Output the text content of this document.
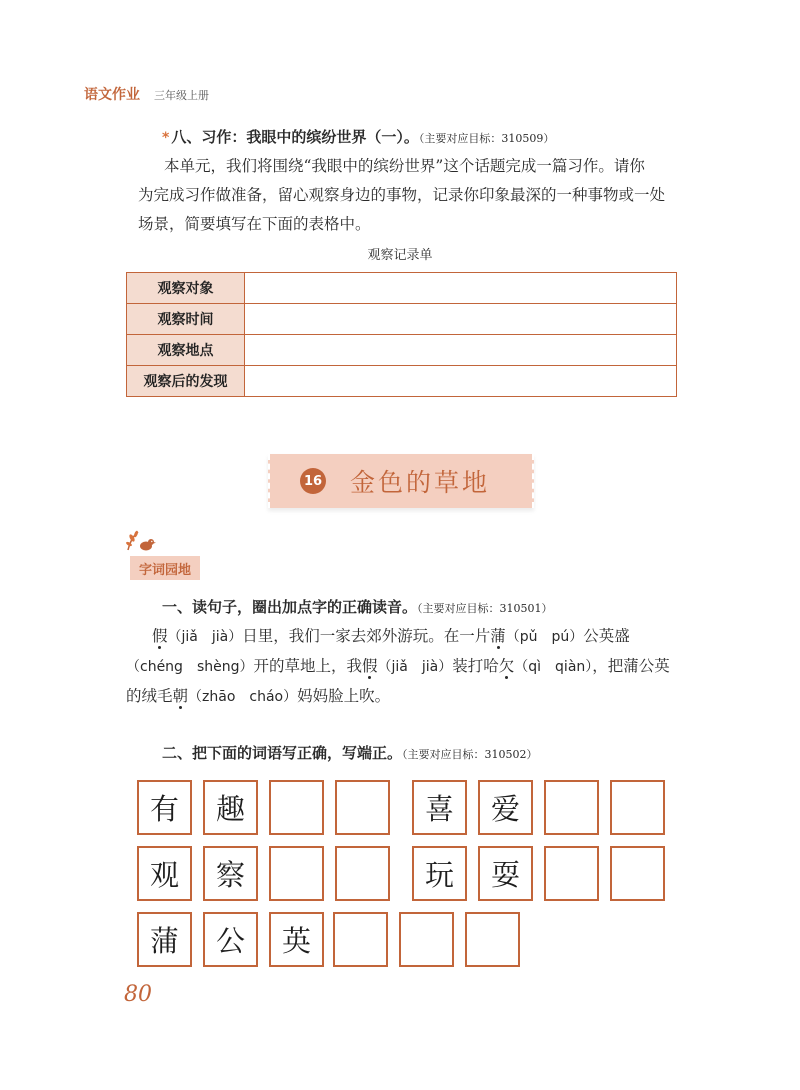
语文作业 三年级上册
* 八、习作：我眼中的缤纷世界（一）。（主要对应目标：310509）
本单元，我们将围绕“我眼中的缤纷世界”这个话题完成一篇习作。请你
为完成习作做准备，留心观察身边的事物，记录你印象最深的一种事物或一处
场景，简要填写在下面的表格中。
观察记录单
观察对象	
观察时间	
观察地点	
观察后的发现	
16 金色的草地
字词园地
一、读句子，圈出加点字的正确读音。（主要对应目标：310501）
假（jiǎ　jià）日里，我们一家去郊外游玩。在一片蒲（pǔ　pú）公英盛
（chéng　shèng）开的草地上，我假（jiǎ　jià）装打哈欠（qì　qiàn），把蒲公英
的绒毛朝（zhāo　cháo）妈妈脸上吹。
二、把下面的词语写正确，写端正。（主要对应目标：310502）
有	趣	喜	爱
观	察	玩	耍
蒲	公	英
80
